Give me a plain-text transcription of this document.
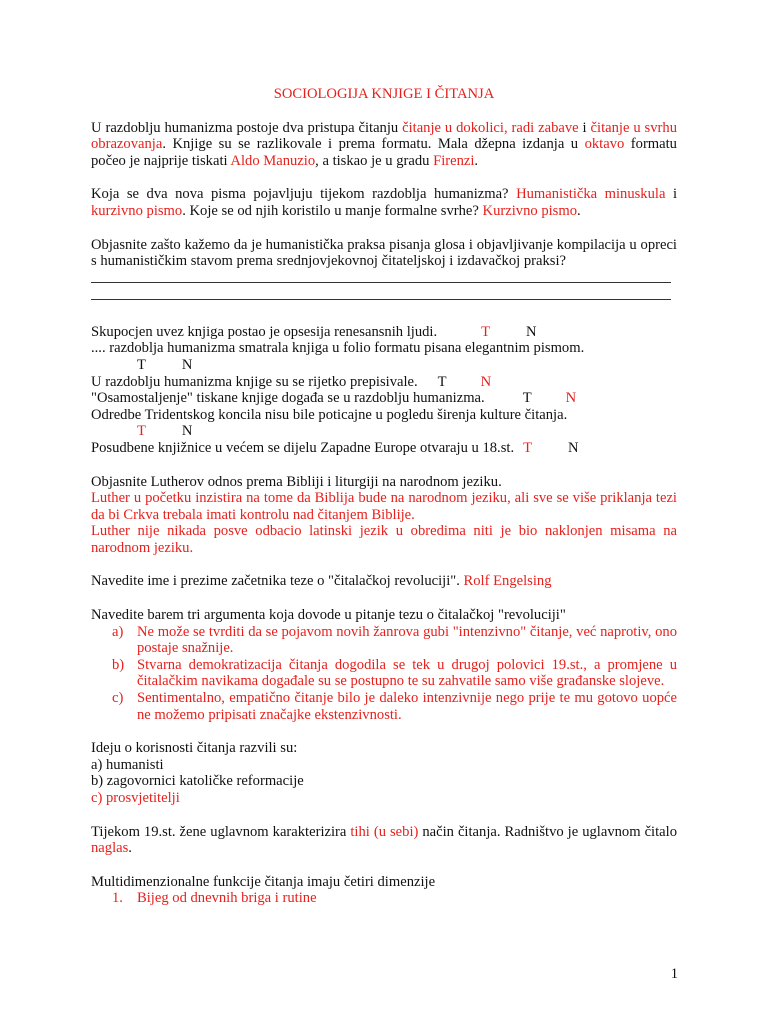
SOCIOLOGIJA KNJIGE I ČITANJA

U razdoblju humanizma postoje dva pristupa čitanju čitanje u dokolici, radi zabave i čitanje u svrhu obrazovanja. Knjige su se razlikovale i prema formatu. Mala džepna izdanja u oktavo formatu počeo je najprije tiskati Aldo Manuzio, a tiskao je u gradu Firenzi.

Koja se dva nova pisma pojavljuju tijekom razdoblja humanizma? Humanistička minuskula i kurzivno pismo. Koje se od njih koristilo u manje formalne svrhe? Kurzivno pismo.

Objasnite zašto kažemo da je humanistička praksa pisanja glosa i objavljivanje kompilacija u opreci s humanističkim stavom prema srednjovjekovnoj čitateljskoj i izdavačkoj praksi?

Skupocjen uvez knjiga postao je opsesija renesansnih ljudi.	T N

.... razdoblja humanizma smatrala knjiga u folio formatu pisana elegantnim pismom.

T N

U razdoblju humanizma knjige su se rijetko prepisivale. T N

"Osamostaljenje" tiskane knjige događa se u razdoblju humanizma.	T N

Odredbe Tridentskog koncila nisu bile poticajne u pogledu širenja kulture čitanja.

T N

Posudbene knjižnice u većem se dijelu Zapadne Europe otvaraju u 18.st. T N

Objasnite Lutherov odnos prema Bibliji i liturgiji na narodnom jeziku.

Luther u početku inzistira na tome da Biblija bude na narodnom jeziku, ali sve se više priklanja tezi da bi Crkva trebala imati kontrolu nad čitanjem Biblije.

Luther nije nikada posve odbacio latinski jezik u obredima niti je bio naklonjen misama na narodnom jeziku.

Navedite ime i prezime začetnika teze o "čitalačkoj revoluciji". Rolf Engelsing

Navedite barem tri argumenta koja dovode u pitanje tezu o čitalačkoj "revoluciji"

a) Ne može se tvrditi da se pojavom novih žanrova gubi "intenzivno" čitanje, već naprotiv, ono postaje snažnije.
b) Stvarna demokratizacija čitanja dogodila se tek u drugoj polovici 19.st., a promjene u čitalačkim navikama događale su se postupno te su zahvatile samo više građanske slojeve.
c) Sentimentalno, empatično čitanje bilo je daleko intenzivnije nego prije te mu gotovo uopće ne možemo pripisati značajke ekstenzivnosti.

Ideju o korisnosti čitanja razvili su:

a) humanisti

b) zagovornici katoličke reformacije

c) prosvjetitelji

Tijekom 19.st. žene uglavnom karakterizira tihi (u sebi) način čitanja. Radništvo je uglavnom čitalo naglas.

Multidimenzionalne funkcije čitanja imaju četiri dimenzije

1. Bijeg od dnevnih briga i rutine
1
